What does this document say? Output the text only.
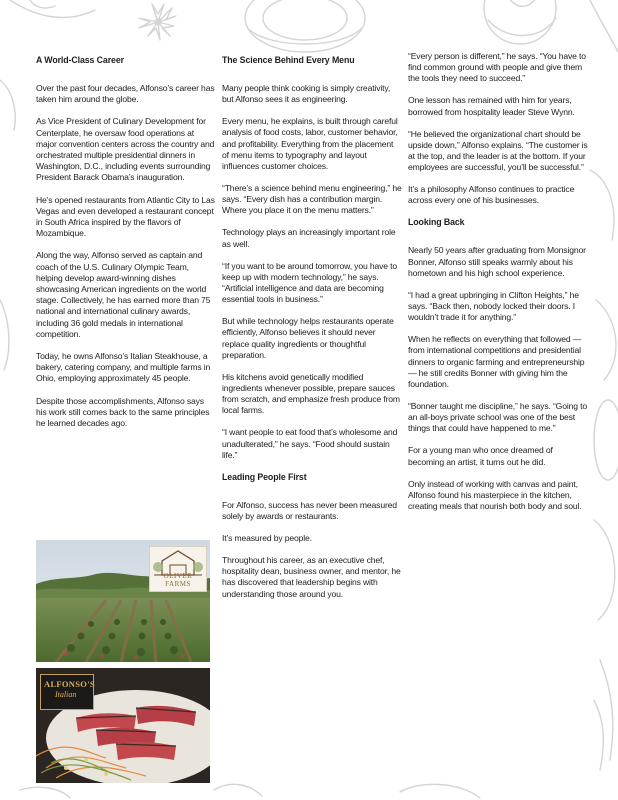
A World-Class Career

Over the past four decades, Alfonso’s career has taken him around the globe.

As Vice President of Culinary Development for Centerplate, he oversaw food operations at major convention centers across the country and orchestrated multiple presidential dinners in Washington, D.C., including events surrounding President Barack Obama’s inauguration.

He’s opened restaurants from Atlantic City to Las Vegas and even developed a restaurant concept in South Africa inspired by the flavors of Mozambique.

Along the way, Alfonso served as captain and coach of the U.S. Culinary Olympic Team, helping develop award-winning dishes showcasing American ingredients on the world stage. Collectively, he has earned more than 75 national and international culinary awards, including 36 gold medals in international competition.

Today, he owns Alfonso’s Italian Steakhouse, a bakery, catering company, and multiple farms in Ohio, employing approximately 45 people.

Despite those accomplishments, Alfonso says his work still comes back to the same principles he learned decades ago.

The Science Behind Every Menu

Many people think cooking is simply creativity, but Alfonso sees it as engineering.

Every menu, he explains, is built through careful analysis of food costs, labor, customer behavior, and profitability. Everything from the placement of menu items to typography and layout influences customer choices.

“There’s a science behind menu engineering,” he says. “Every dish has a contribution margin. Where you place it on the menu matters.”

Technology plays an increasingly important role as well.

“If you want to be around tomorrow, you have to keep up with modern technology,” he says. “Artificial intelligence and data are becoming essential tools in business.”

But while technology helps restaurants operate efficiently, Alfonso believes it should never replace quality ingredients or thoughtful preparation.

His kitchens avoid genetically modified ingredients whenever possible, prepare sauces from scratch, and emphasize fresh produce from local farms.

“I want people to eat food that’s wholesome and unadulterated,” he says. “Food should sustain life.”

Leading People First

For Alfonso, success has never been measured solely by awards or restaurants.

It’s measured by people.

Throughout his career, as an executive chef, hospitality dean, business owner, and mentor, he has discovered that leadership begins with understanding those around you.

“Every person is different,” he says. “You have to find common ground with people and give them the tools they need to succeed.”

One lesson has remained with him for years, borrowed from hospitality leader Steve Wynn.

“He believed the organizational chart should be upside down,” Alfonso explains. “The customer is at the top, and the leader is at the bottom. If your employees are successful, you’ll be successful.”

It’s a philosophy Alfonso continues to practice across every one of his businesses.

Looking Back

Nearly 50 years after graduating from Monsignor Bonner, Alfonso still speaks warmly about his hometown and his high school experience.

“I had a great upbringing in Clifton Heights,” he says. “Back then, nobody locked their doors. I wouldn’t trade it for anything.”

When he reflects on everything that followed — from international competitions and presidential dinners to organic farming and entrepreneurship — he still credits Bonner with giving him the foundation.

“Bonner taught me discipline,” he says. “Going to an all-boys private school was one of the best things that could have happened to me.”

For a young man who once dreamed of becoming an artist, it turns out he did.

Only instead of working with canvas and paint, Alfonso found his masterpiece in the kitchen, creating meals that nourish both body and soul.

OLIVER FARMS
ALFONSO'S
Italian
